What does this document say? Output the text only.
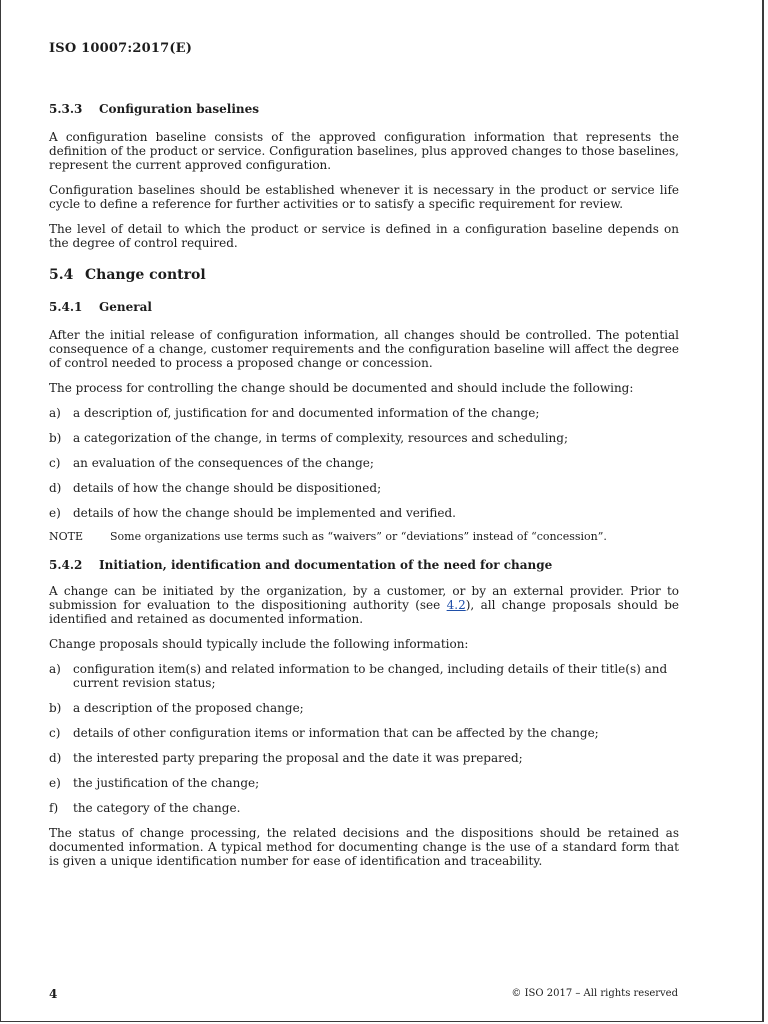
ISO 10007:2017(E)
5.3.3 Configuration baselines

A configuration baseline consists of the approved configuration information that represents the definition of the product or service. Configuration baselines, plus approved changes to those baselines, represent the current approved configuration.

Configuration baselines should be established whenever it is necessary in the product or service life cycle to define a reference for further activities or to satisfy a specific requirement for review.

The level of detail to which the product or service is defined in a configuration baseline depends on the degree of control required.

5.4 Change control
5.4.1 General

After the initial release of configuration information, all changes should be controlled. The potential consequence of a change, customer requirements and the configuration baseline will affect the degree of control needed to process a proposed change or concession.

The process for controlling the change should be documented and should include the following:

a)	a description of, justification for and documented information of the change;
b) a categorization of the change, in terms of complexity, resources and scheduling;
c)	an evaluation of the consequences of the change;
d) details of how the change should be dispositioned;
e)	details of how the change should be implemented and verified.
NOTE	Some organizations use terms such as “waivers” or “deviations” instead of “concession”.
5.4.2 Initiation, identification and documentation of the need for change

A change can be initiated by the organization, by a customer, or by an external provider. Prior to submission for evaluation to the dispositioning authority (see 4.2), all change proposals should be identified and retained as documented information.

Change proposals should typically include the following information:

a)	configuration item(s) and related information to be changed, including details of their title(s) and current revision status;
b) a description of the proposed change;
c)	details of other configuration items or information that can be affected by the change;
d) the interested party preparing the proposal and the date it was prepared;
e)	the justification of the change;
f)	the category of the change.

The status of change processing, the related decisions and the dispositions should be retained as documented information. A typical method for documenting change is the use of a standard form that is given a unique identification number for ease of identification and traceability.

4	© ISO 2017 – All rights reserved
